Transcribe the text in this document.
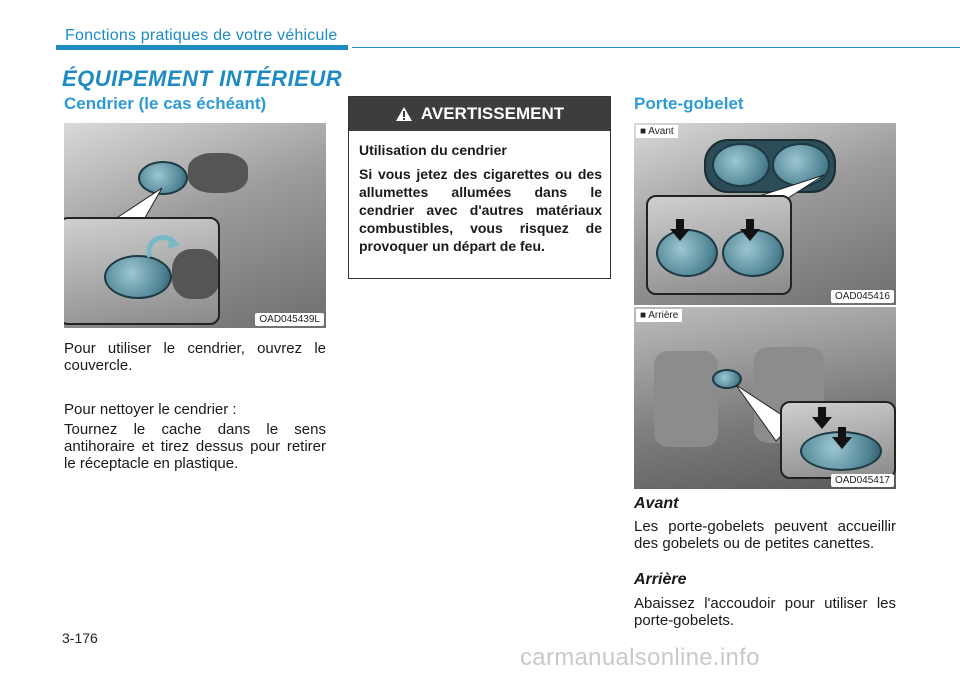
Fonctions pratiques de votre véhicule
ÉQUIPEMENT INTÉRIEUR
Cendrier (le cas échéant)
OAD045439L
Pour utiliser le cendrier, ouvrez le couvercle.
Pour nettoyer le cendrier :
Tournez le cache dans le sens antihoraire et tirez dessus pour retirer le réceptacle en plastique.
AVERTISSEMENT
Utilisation du cendrier
Si vous jetez des cigarettes ou des allumettes allumées dans le cendrier avec d'autres matériaux combustibles, vous risquez de provoquer un départ de feu.
Porte-gobelet
■ Avant
OAD045416
■ Arrière
OAD045417
Avant
Les porte-gobelets peuvent accueillir des gobelets ou de petites canettes.
Arrière
Abaissez l'accoudoir pour utiliser les porte-gobelets.
3-176
carmanualsonline.info
